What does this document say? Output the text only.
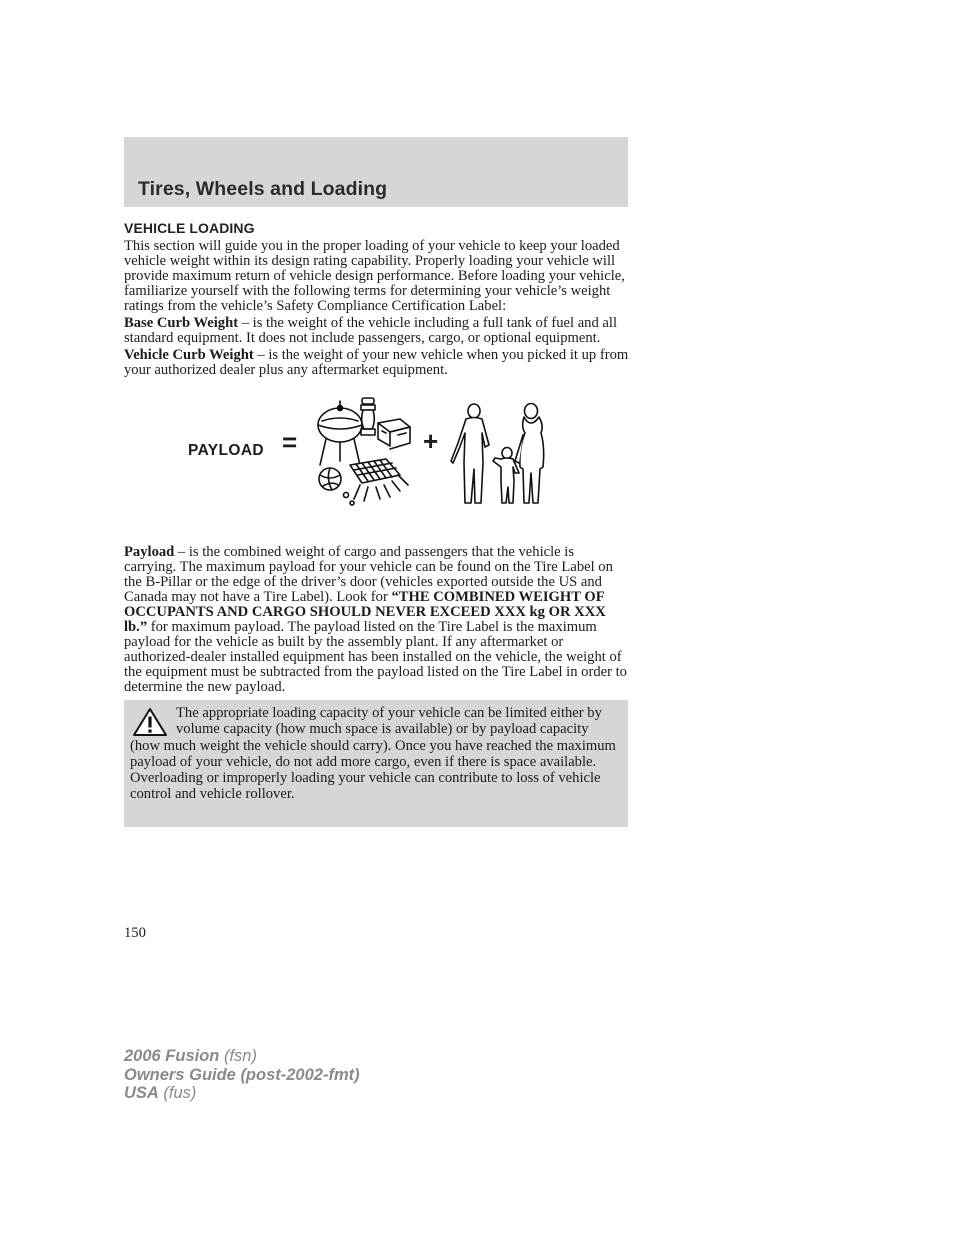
Tires, Wheels and Loading
VEHICLE LOADING

This section will guide you in the proper loading of your vehicle to keep your loaded vehicle weight within its design rating capability. Properly loading your vehicle will provide maximum return of vehicle design performance. Before loading your vehicle, familiarize yourself with the following terms for determining your vehicle’s weight ratings from the vehicle’s Safety Compliance Certification Label:

Base Curb Weight – is the weight of the vehicle including a full tank of fuel and all standard equipment. It does not include passengers, cargo, or optional equipment.

Vehicle Curb Weight – is the weight of your new vehicle when you picked it up from your authorized dealer plus any aftermarket equipment.

PAYLOAD =	+

Payload – is the combined weight of cargo and passengers that the vehicle is carrying. The maximum payload for your vehicle can be found on the Tire Label on the B-Pillar or the edge of the driver’s door (vehicles exported outside the US and Canada may not have a Tire Label). Look for “THE COMBINED WEIGHT OF OCCUPANTS AND CARGO SHOULD NEVER EXCEED XXX kg OR XXX lb.” for maximum payload. The payload listed on the Tire Label is the maximum payload for the vehicle as built by the assembly plant. If any aftermarket or authorized-dealer installed equipment has been installed on the vehicle, the weight of the equipment must be subtracted from the payload listed on the Tire Label in order to determine the new payload.

The appropriate loading capacity of your vehicle can be limited either by volume capacity (how much space is available) or by payload capacity (how much weight the vehicle should carry). Once you have reached the maximum payload of your vehicle, do not add more cargo, even if there is space available. Overloading or improperly loading your vehicle can contribute to loss of vehicle control and vehicle rollover.

150
2006 Fusion (fsn)
Owners Guide (post-2002-fmt)
USA (fus)
